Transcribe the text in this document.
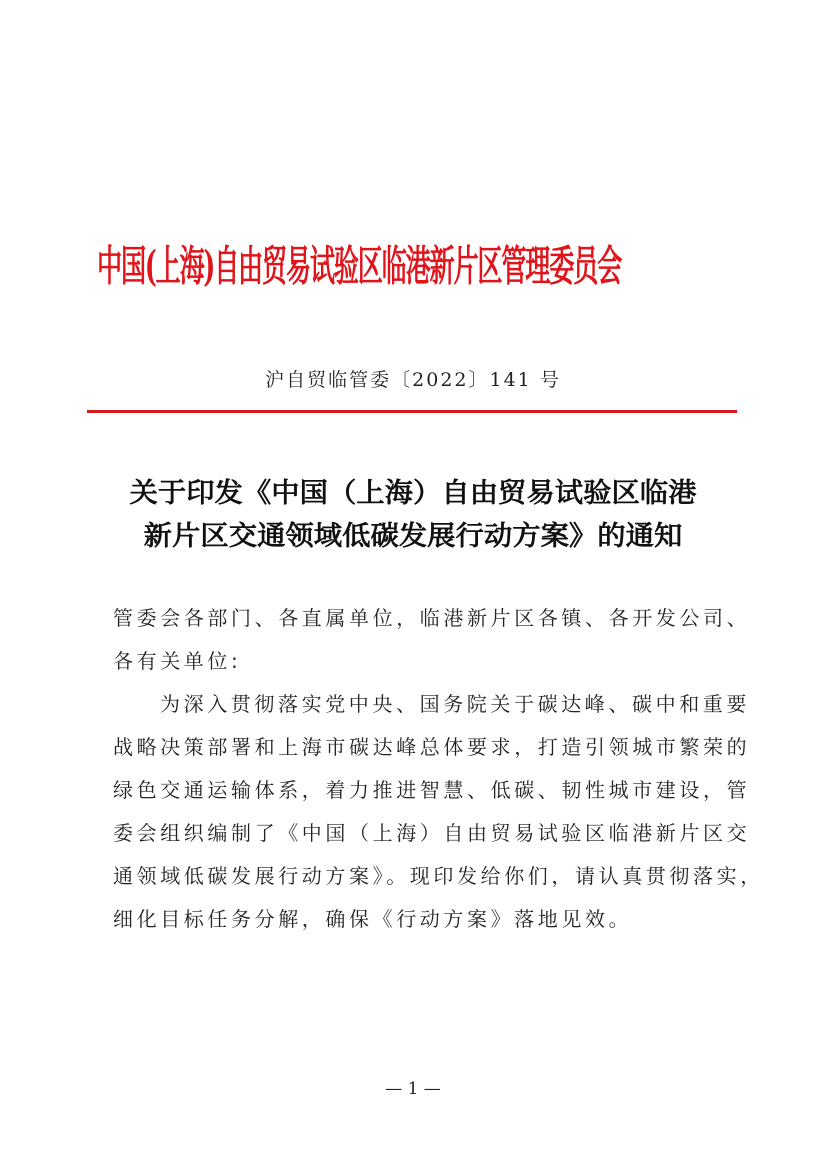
中国(上海)自由贸易试验区临港新片区管理委员会
沪自贸临管委〔2022〕141 号
关于印发《中国（上海）自由贸易试验区临港
新片区交通领域低碳发展行动方案》的通知
管委会各部门、各直属单位，临港新片区各镇、各开发公司、
各有关单位:
为深入贯彻落实党中央、国务院关于碳达峰、碳中和重要
战略决策部署和上海市碳达峰总体要求，打造引领城市繁荣的
绿色交通运输体系，着力推进智慧、低碳、韧性城市建设，管
委会组织编制了《中国（上海）自由贸易试验区临港新片区交
通领域低碳发展行动方案》。现印发给你们，请认真贯彻落实，
细化目标任务分解，确保《行动方案》落地见效。
— 1 —
